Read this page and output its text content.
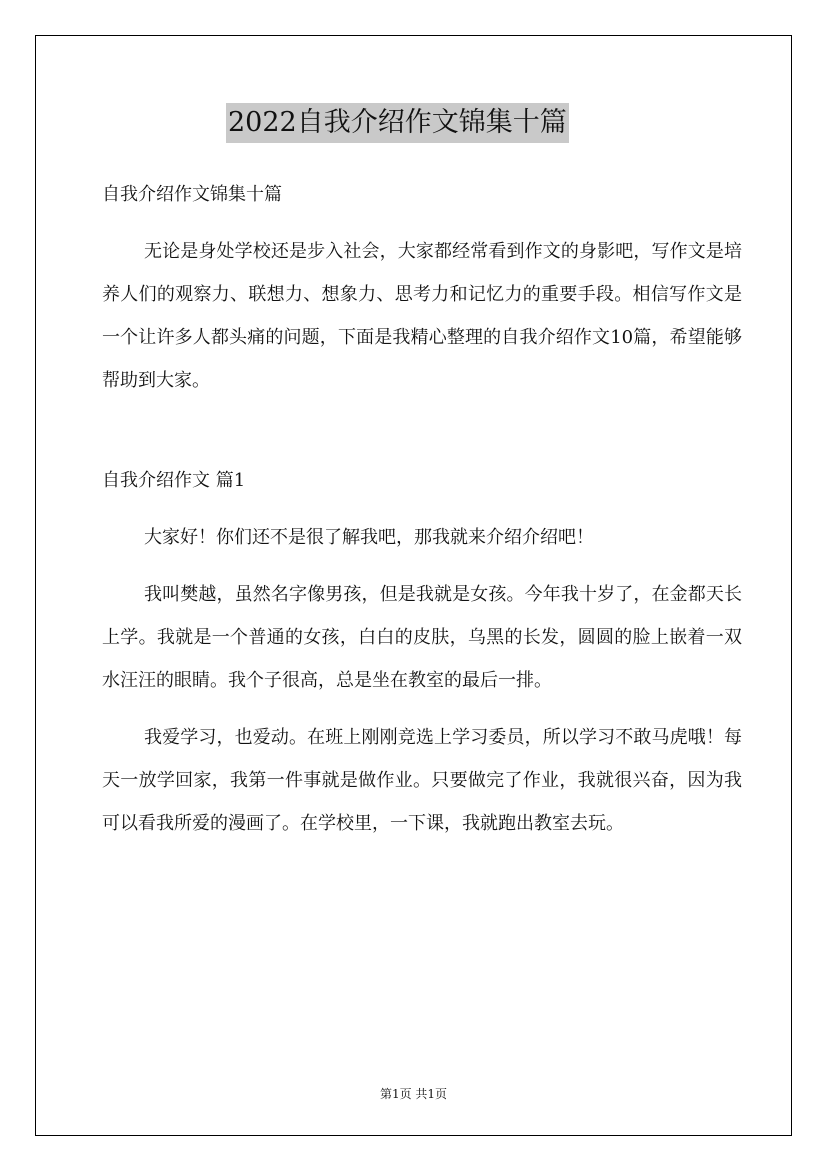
2022自我介绍作文锦集十篇

自我介绍作文锦集十篇

无论是身处学校还是步入社会，大家都经常看到作文的身影吧，写作文是培养人们的观察力、联想力、想象力、思考力和记忆力的重要手段。相信写作文是一个让许多人都头痛的问题，下面是我精心整理的自我介绍作文10篇，希望能够帮助到大家。

自我介绍作文 篇1

大家好！你们还不是很了解我吧，那我就来介绍介绍吧！

我叫樊越，虽然名字像男孩，但是我就是女孩。今年我十岁了，在金都天长上学。我就是一个普通的女孩，白白的皮肤，乌黑的长发，圆圆的脸上嵌着一双水汪汪的眼睛。我个子很高，总是坐在教室的最后一排。

我爱学习，也爱动。在班上刚刚竞选上学习委员，所以学习不敢马虎哦！每天一放学回家，我第一件事就是做作业。只要做完了作业，我就很兴奋，因为我可以看我所爱的漫画了。在学校里，一下课，我就跑出教室去玩。

第1页 共1页
